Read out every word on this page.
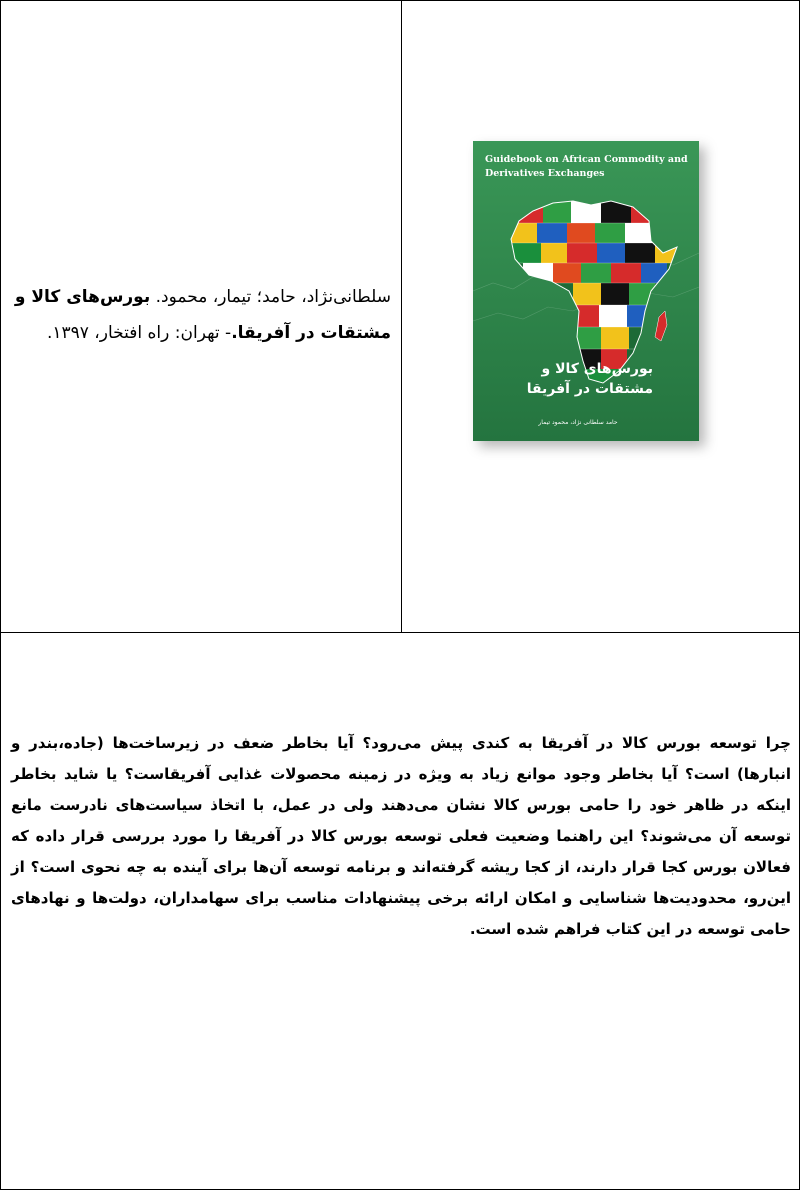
سلطانی‌نژاد، حامد؛ تیمار، محمود. بورس‌های کالا و مشتقات در آفریقا.- تهران: راه افتخار، ۱۳۹۷.
Guidebook on African Commodity and Derivatives Exchanges
بورس‌های کالا و مشتقات در آفریقا
حامد سلطانی نژاد، محمود تیمار
چرا توسعه بورس کالا در آفریقا به کندی پیش می‌رود؟ آیا بخاطر ضعف در زیرساخت‌ها (جاده،بندر و انبارها) است؟ آیا بخاطر وجود موانع زیاد به ویژه در زمینه محصولات غذایی آفریقاست؟ یا شاید بخاطر اینکه در ظاهر خود را حامی بورس کالا نشان می‌دهند ولی در عمل، با اتخاذ سیاست‌های نادرست مانع توسعه آن می‌شوند؟ این راهنما وضعیت فعلی توسعه بورس کالا در آفریقا را مورد بررسی قرار داده که فعالان بورس کجا قرار دارند، از کجا ریشه گرفته‌اند و برنامه توسعه آن‌ها برای آینده به چه نحوی است؟ از این‌رو، محدودیت‌ها شناسایی و امکان ارائه برخی پیشنهادات مناسب برای سهامداران، دولت‌ها و نهادهای حامی توسعه در این کتاب فراهم شده است.
